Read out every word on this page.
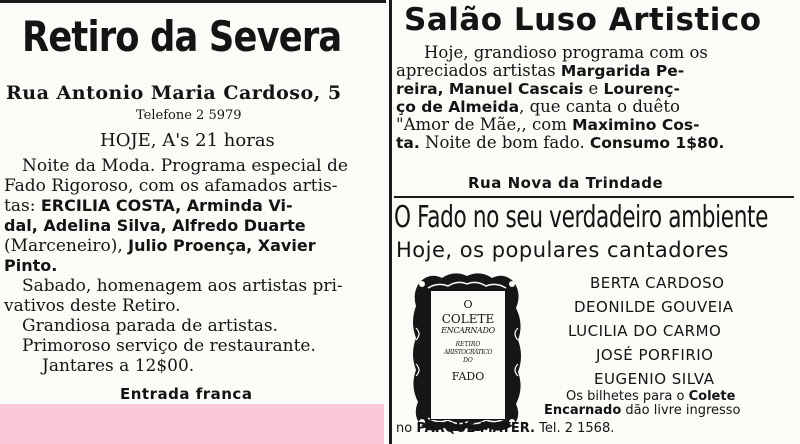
Retiro da Severa
Rua Antonio Maria Cardoso, 5
Telefone 2 5979
HOJE, A's 21 horas
Noite da Moda. Programa especial de
Fado Rigoroso, com os afamados artis-
tas: ERCILIA COSTA, Arminda Vi-
dal, Adelina Silva, Alfredo Duarte
(Marceneiro), Julio Proença, Xavier
Pinto.
Sabado, homenagem aos artistas pri-
vativos deste Retiro.
Grandiosa parada de artistas.
Primoroso serviço de restaurante.
Jantares a 12$00.
Entrada franca
Salão Luso Artistico
Hoje, grandioso programa com os
apreciados artistas Margarida Pe-
reira, Manuel Cascais e Lourenç-
ço de Almeida, que canta o duêto
"Amor de Mãe,, com Maximino Cos-
ta. Noite de bom fado. Consumo 1$80.
Rua Nova da Trindade
O Fado no seu verdadeiro ambiente
Hoje, os populares cantadores
O
COLETE
ENCARNADO
RETIRO
ARISTOCRÁTICO
DO
FADO
BERTA CARDOSO
DEONILDE GOUVEIA
LUCILIA DO CARMO
JOSÉ PORFIRIO
EUGENIO SILVA
Os bilhetes para o Colete
Encarnado dão livre ingresso
no PARQUE MAYER. Tel. 2 1568.
